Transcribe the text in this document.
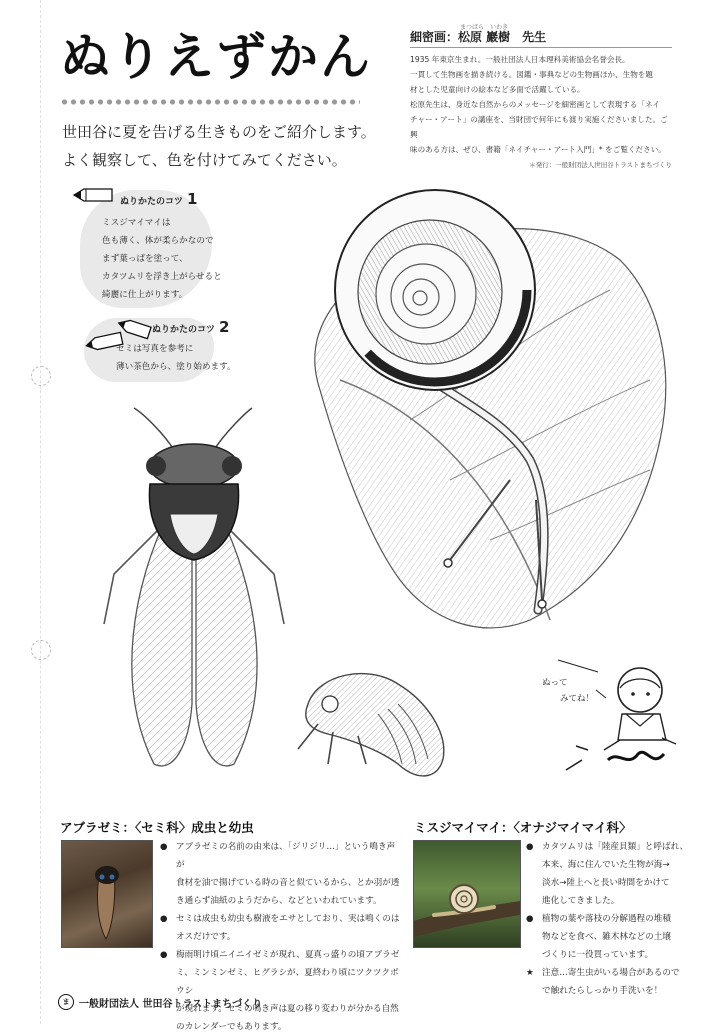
ぬりえずかん
世田谷に夏を告げる生きものをご紹介します。
よく観察して、色を付けてみてください。
まつばら　いわき
細密画：松原 巖樹　先生
1935 年東京生まれ。一般社団法人日本理科美術協会名誉会長。
一貫して生物画を描き続ける。図鑑・事典などの生物画ほか、生物を題
材とした児童向けの絵本など多面で活躍している。
松原先生は、身近な自然からのメッセージを細密画として表現する「ネイ
チャー・アート」の講座を、当財団で何年にも渡り実施くださいました。ご興
味のある方は、ぜひ、書籍「ネイチャー・アート入門」* をご覧ください。
＊発行：一般財団法人世田谷トラストまちづくり
ぬりかたのコツ 1
ミスジマイマイは
色も薄く、体が柔らかなので
まず葉っぱを塗って、
カタツムリを浮き上がらせると
綺麗に仕上がります。
ぬりかたのコツ 2
セミは写真を参考に
薄い茶色から、塗り始めます。
ぬって
みてね！
アブラゼミ：〈セミ科〉成虫と幼虫
● アブラゼミの名前の由来は、「ジリジリ…」という鳴き声が
食材を油で揚げている時の音と似ているから、とか羽が透
き通らず油紙のようだから、などといわれています。
● セミは成虫も幼虫も樹液をエサとしており、実は鳴くのは
オスだけです。
● 梅雨明け頃ニイニイゼミが現れ、夏真っ盛りの頃アブラゼ
ミ、ミンミンゼミ、ヒグラシが、夏終わり頃にツクツクボウシ
が現れます。セミの鳴き声は夏の移り変わりが分かる自然
のカレンダーでもあります。
ミスジマイマイ：〈オナジマイマイ科〉
● カタツムリは「陸産貝類」と呼ばれ、
本来、海に住んでいた生物が海→
淡水→陸上へと長い時間をかけて
進化してきました。
● 植物の葉や落枝の分解過程の堆積
物などを食べ、雑木林などの土壌
づくりに一役買っています。
★ 注意…寄生虫がいる場合があるので
で触れたらしっかり手洗いを！
ま 一般財団法人 世田谷トラストまちづくり
